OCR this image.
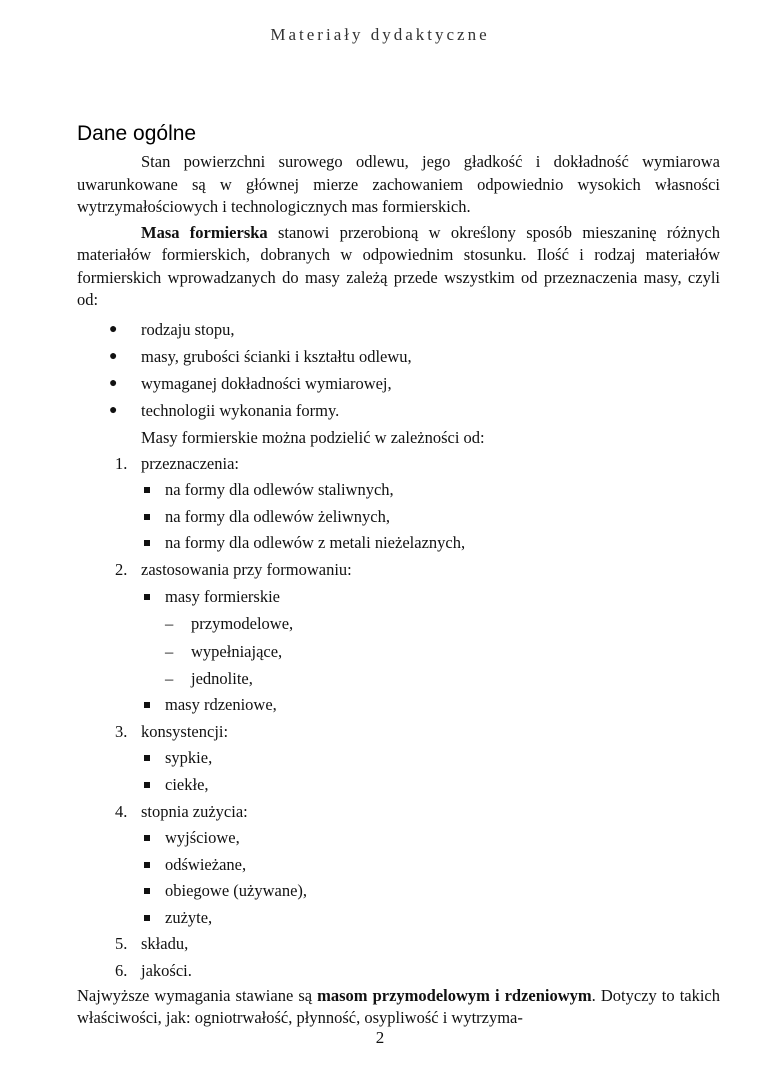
Materiały dydaktyczne
Dane ogólne

Stan powierzchni surowego odlewu, jego gładkość i dokładność wymiarowa uwarunkowane są w głównej mierze zachowaniem odpowiednio wysokich własności wytrzymałościowych i technologicznych mas formierskich.

Masa formierska stanowi przerobioną w określony sposób mieszaninę różnych materiałów formierskich, dobranych w odpowiednim stosunku. Ilość i rodzaj materiałów formierskich wprowadzanych do masy zależą przede wszystkim od przeznaczenia masy, czyli od:

● rodzaju stopu,
● masy, grubości ścianki i kształtu odlewu,
● wymaganej dokładności wymiarowej,
● technologii wykonania formy.

Masy formierskie można podzielić w zależności od:

1. przeznaczenia:
na formy dla odlewów staliwnych,
na formy dla odlewów żeliwnych,
na formy dla odlewów z metali nieżelaznych,
2. zastosowania przy formowaniu:
masy formierskie
– przymodelowe,
– wypełniające,
– jednolite,
masy rdzeniowe,
3. konsystencji:
sypkie,
ciekłe,
4. stopnia zużycia:
wyjściowe,
odświeżane,
obiegowe (używane),
zużyte,
5. składu,
6. jakości.

Najwyższe wymagania stawiane są masom przymodelowym i rdzeniowym. Dotyczy to takich właściwości, jak: ogniotrwałość, płynność, osypliwość i wytrzyma-

2
